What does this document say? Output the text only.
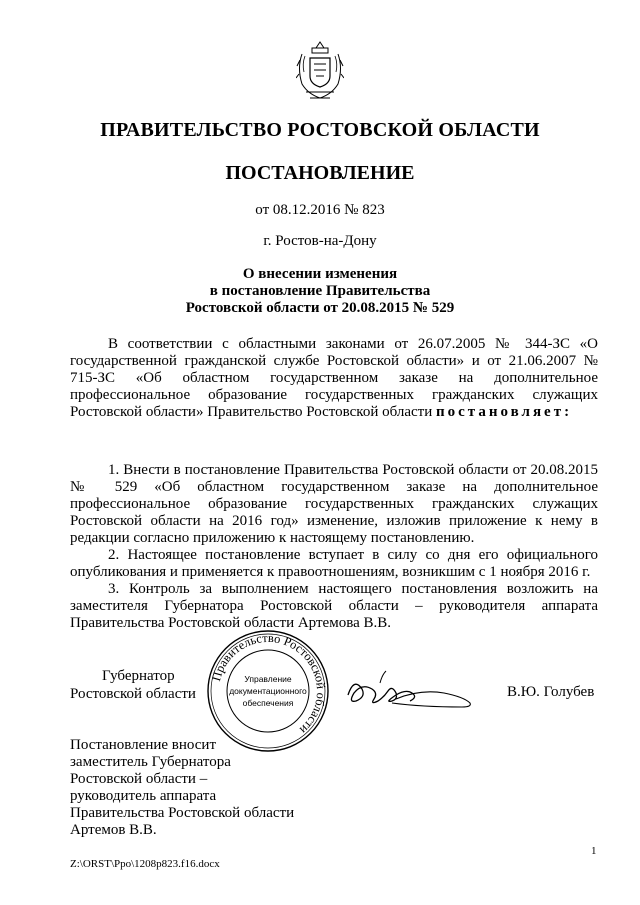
ПРАВИТЕЛЬСТВО РОСТОВСКОЙ ОБЛАСТИ
ПОСТАНОВЛЕНИЕ
от 08.12.2016 № 823
г. Ростов-на-Дону
О внесении изменения
в постановление Правительства
Ростовской области от 20.08.2015 № 529

В соответствии с областными законами от 26.07.2005 № 344-ЗС «О государственной гражданской службе Ростовской области» и от 21.06.2007 № 715-ЗС «Об областном государственном заказе на дополнительное профессиональное образование государственных гражданских служащих Ростовской области» Правительство Ростовской области постановляет:

1. Внести в постановление Правительства Ростовской области от 20.08.2015 № 529 «Об областном государственном заказе на дополнительное профессиональное образование государственных гражданских служащих Ростовской области на 2016 год» изменение, изложив приложение к нему в редакции согласно приложению к настоящему постановлению.

2. Настоящее постановление вступает в силу со дня его официального опубликования и применяется к правоотношениям, возникшим с 1 ноября 2016 г.

3. Контроль за выполнением настоящего постановления возложить на заместителя Губернатора Ростовской области – руководителя аппарата Правительства Ростовской области Артемова В.В.

Губернатор
Ростовской области
Правительство Ростовской области
Управление
документационного
обеспечения
В.Ю. Голубев
Постановление вносит
заместитель Губернатора
Ростовской области –
руководитель аппарата
Правительства Ростовской области
Артемов В.В.
1
Z:\ORST\Ppo\1208p823.f16.docx
